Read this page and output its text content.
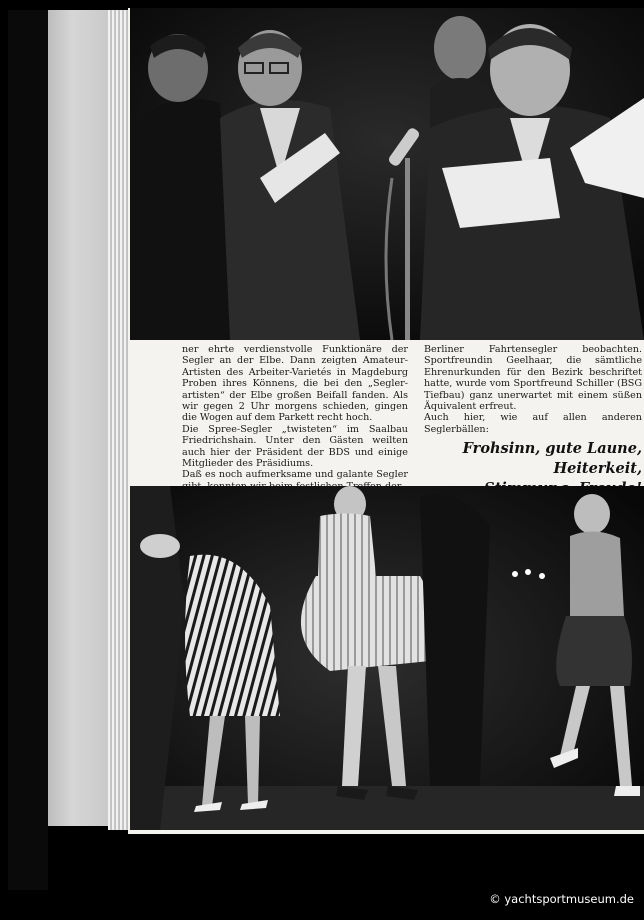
ner ehrte verdienstvolle Funktionäre der Segler an der Elbe. Dann zeigten Amateur-Artisten des Arbeiter-Varietés in Magdeburg Proben ihres Könnens, die bei den „Segler-artisten“ der Elbe großen Beifall fanden. Als wir gegen 2 Uhr morgens schieden, gingen die Wogen auf dem Parkett recht hoch.

Die Spree-Segler „twisteten“ im Saalbau Friedrichshain. Unter den Gästen weilten auch hier der Präsident der BDS und einige Mitglieder des Präsidiums.

Daß es noch aufmerksame und galante Segler

Berliner Fahrtensegler beobachten. Sportfreundin Geelhaar, die sämtliche Ehrenurkunden für den Bezirk beschriftet hatte, wurde vom Sportfreund Schiller (BSG Tiefbau) ganz unerwartet mit einem süßen Äquivalent erfreut.

Auch hier, wie auf allen anderen Seglerbällen:

Frohsinn, gute Laune, Heiterkeit,

© yachtsportmuseum.de
